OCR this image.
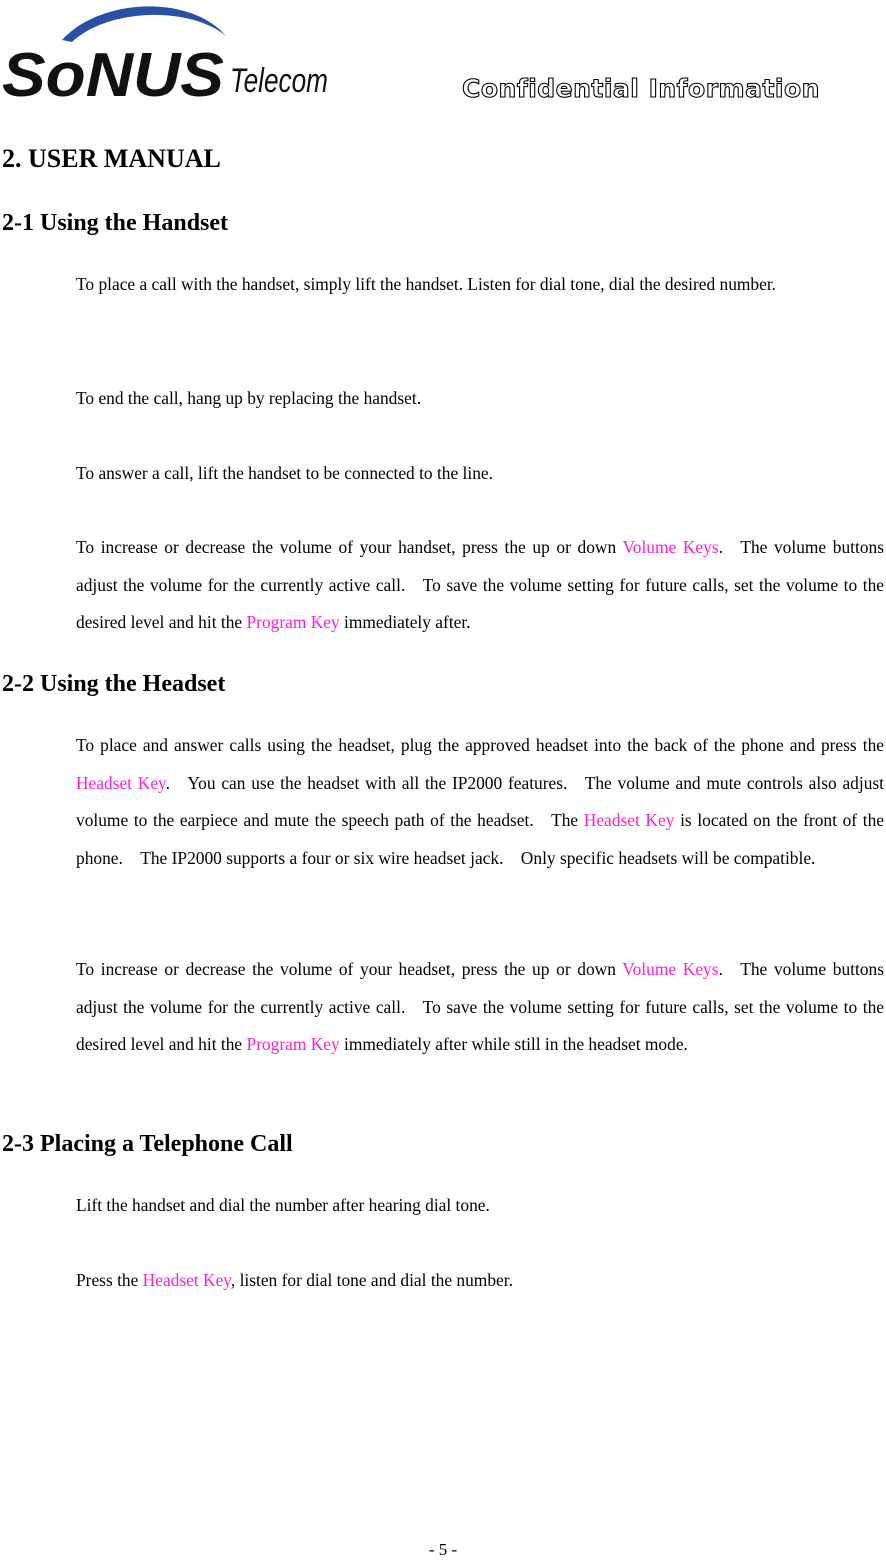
SoNUS Telecom	Confidential Information
2. USER MANUAL
2-1 Using the Handset

To place a call with the handset, simply lift the handset. Listen for dial tone, dial the desired number.

To end the call, hang up by replacing the handset.

To answer a call, lift the handset to be connected to the line.

To increase or decrease the volume of your handset, press the up or down Volume Keys. The volume buttons adjust the volume for the currently active call. To save the volume setting for future calls, set the volume to the desired level and hit the Program Key immediately after.

2-2 Using the Headset

To place and answer calls using the headset, plug the approved headset into the back of the phone and press the Headset Key. You can use the headset with all the IP2000 features. The volume and mute controls also adjust volume to the earpiece and mute the speech path of the headset. The Headset Key is located on the front of the phone. The IP2000 supports a four or six wire headset jack. Only specific headsets will be compatible.

To increase or decrease the volume of your headset, press the up or down Volume Keys. The volume buttons adjust the volume for the currently active call. To save the volume setting for future calls, set the volume to the desired level and hit the Program Key immediately after while still in the headset mode.

2-3 Placing a Telephone Call

Lift the handset and dial the number after hearing dial tone.

Press the Headset Key, listen for dial tone and dial the number.

- 5 -
